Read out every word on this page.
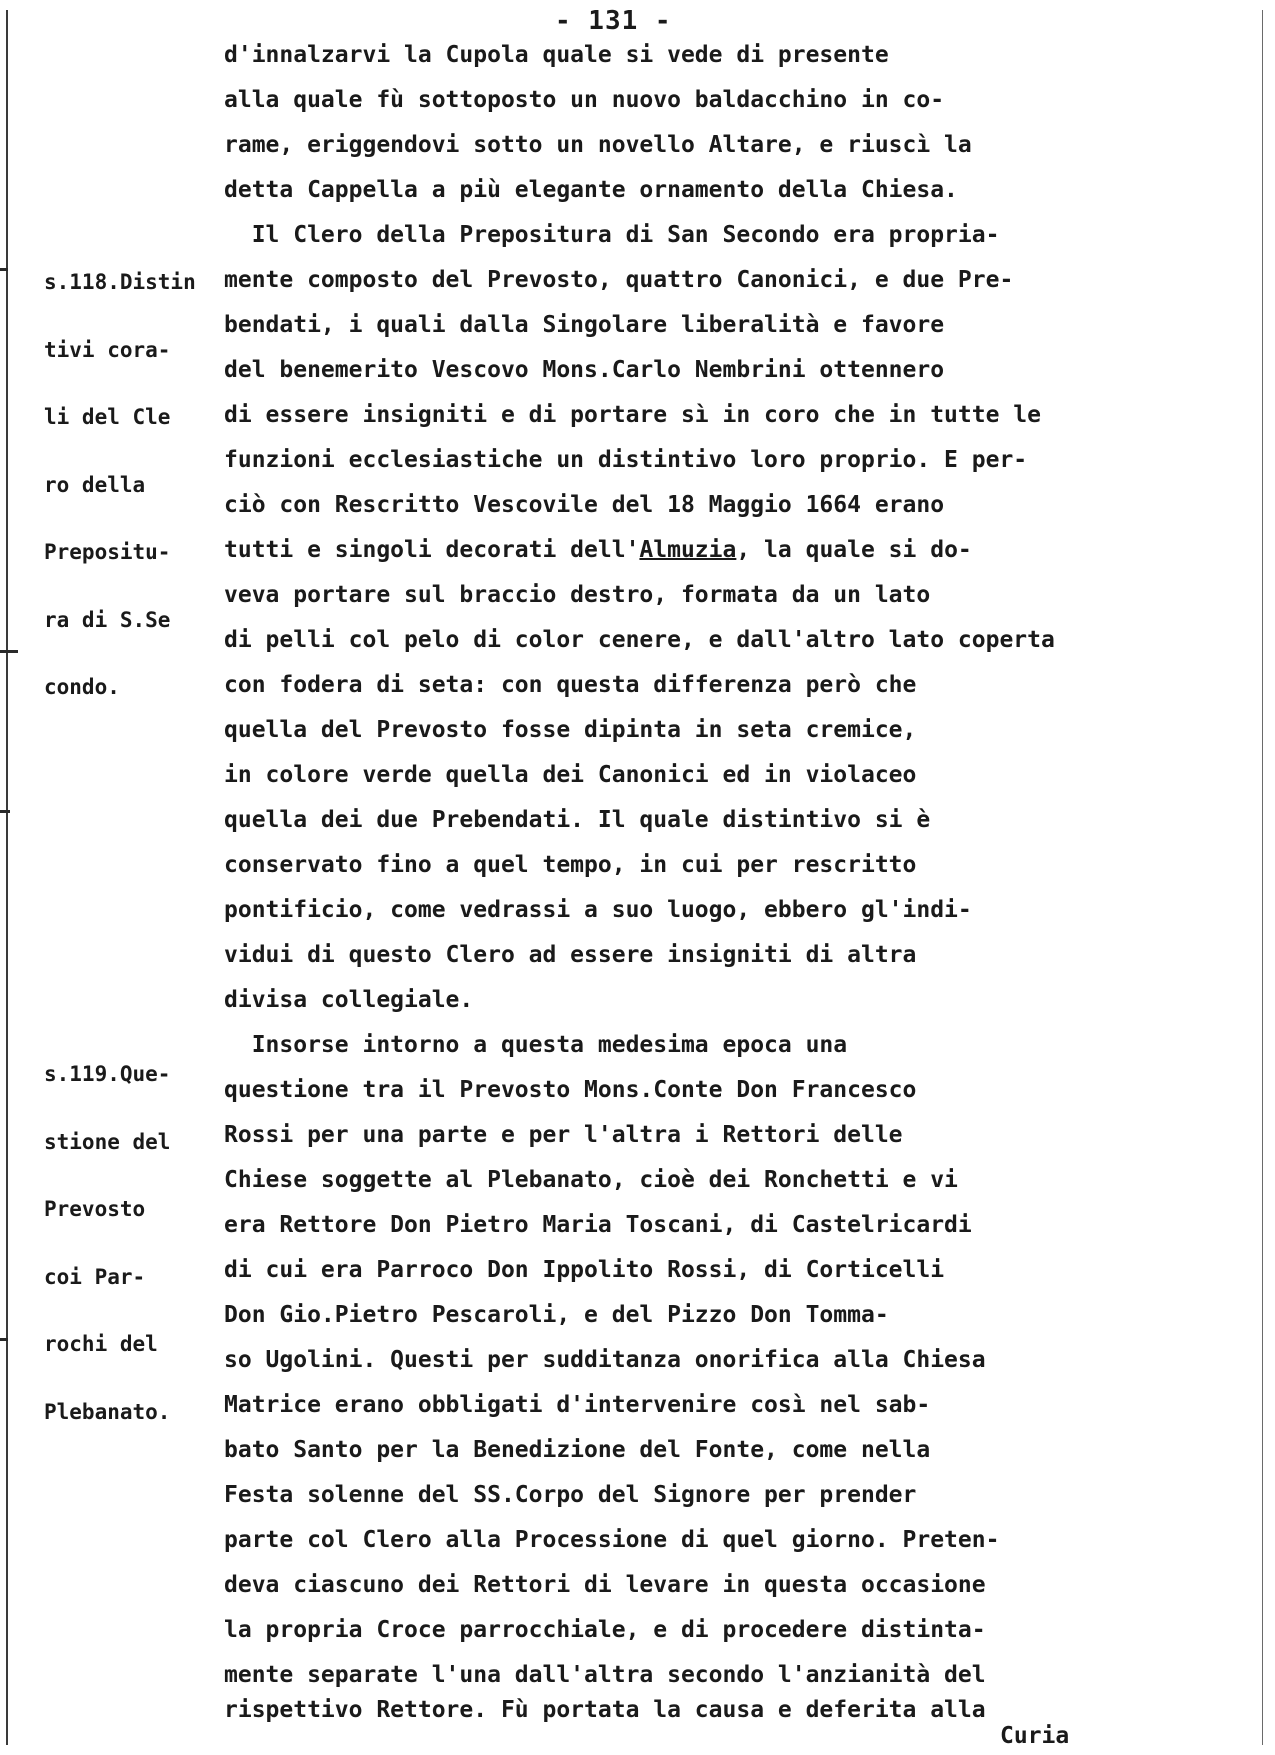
- 131 -

s.118.Distin

tivi cora-

li del Cle

ro della

Prepositu-

ra di S.Se

condo.

s.119.Que-

stione del

Prevosto

coi Par-

rochi del

Plebanato.

d'innalzarvi la Cupola quale si vede di presente
alla quale fù sottoposto un nuovo baldacchino in co-
rame, eriggendovi sotto un novello Altare, e riuscì la
detta Cappella a più elegante ornamento della Chiesa.
Il Clero della Prepositura di San Secondo era propria-
mente composto del Prevosto, quattro Canonici, e due Pre-
bendati, i quali dalla Singolare liberalità e favore
del benemerito Vescovo Mons.Carlo Nembrini ottennero
di essere insigniti e di portare sì in coro che in tutte le
funzioni ecclesiastiche un distintivo loro proprio. E per-
ciò con Rescritto Vescovile del 18 Maggio 1664 erano
tutti e singoli decorati dell'Almuzia, la quale si do-
veva portare sul braccio destro, formata da un lato
di pelli col pelo di color cenere, e dall'altro lato coperta
con fodera di seta: con questa differenza però che
quella del Prevosto fosse dipinta in seta cremice,
in colore verde quella dei Canonici ed in violaceo
quella dei due Prebendati. Il quale distintivo si è
conservato fino a quel tempo, in cui per rescritto
pontificio, come vedrassi a suo luogo, ebbero gl'indi-
vidui di questo Clero ad essere insigniti di altra
divisa collegiale.
Insorse intorno a questa medesima epoca una
questione tra il Prevosto Mons.Conte Don Francesco
Rossi per una parte e per l'altra i Rettori delle
Chiese soggette al Plebanato, cioè dei Ronchetti e vi
era Rettore Don Pietro Maria Toscani, di Castelricardi
di cui era Parroco Don Ippolito Rossi, di Corticelli
Don Gio.Pietro Pescaroli, e del Pizzo Don Tomma-
so Ugolini. Questi per sudditanza onorifica alla Chiesa
Matrice erano obbligati d'intervenire così nel sab-
bato Santo per la Benedizione del Fonte, come nella
Festa solenne del SS.Corpo del Signore per prender
parte col Clero alla Processione di quel giorno. Preten-
deva ciascuno dei Rettori di levare in questa occasione
la propria Croce parrocchiale, e di procedere distinta-
mente separate l'una dall'altra secondo l'anzianità del
rispettivo Rettore. Fù portata la causa e deferita alla
Curia
